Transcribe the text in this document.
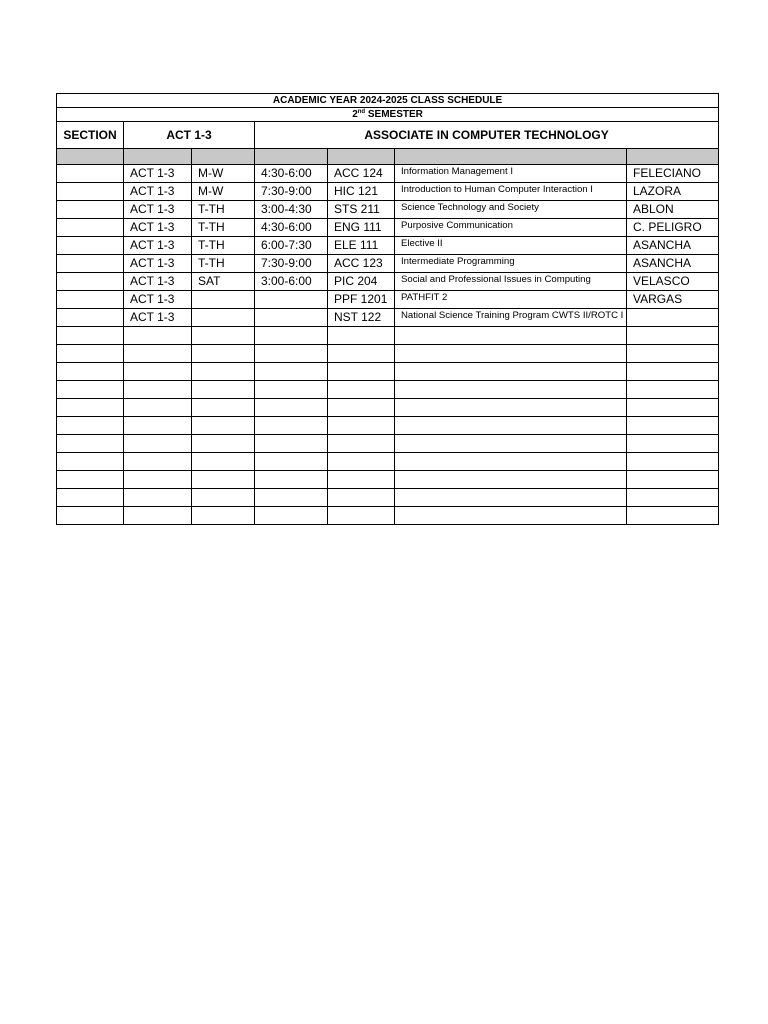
ACADEMIC YEAR 2024-2025 CLASS SCHEDULE						
2nd SEMESTER						
SECTION	ACT 1-3		ASSOCIATE IN COMPUTER TECHNOLOGY			

	ACT 1-3	M-W	4:30-6:00	ACC 124	Information Management I	FELECIANO
	ACT 1-3	M-W	7:30-9:00	HIC 121	Introduction to Human Computer Interaction I	LAZORA
	ACT 1-3	T-TH	3:00-4:30	STS 211	Science Technology and Society	ABLON
	ACT 1-3	T-TH	4:30-6:00	ENG 111	Purposive Communication	C. PELIGRO
	ACT 1-3	T-TH	6:00-7:30	ELE 111	Elective II	ASANCHA
	ACT 1-3	T-TH	7:30-9:00	ACC 123	Intermediate Programming	ASANCHA
	ACT 1-3	SAT	3:00-6:00	PIC 204	Social and Professional Issues in Computing	VELASCO
	ACT 1-3			PPF 1201	PATHFIT 2	VARGAS
	ACT 1-3			NST 122	National Science Training Program CWTS II/ROTC I	
